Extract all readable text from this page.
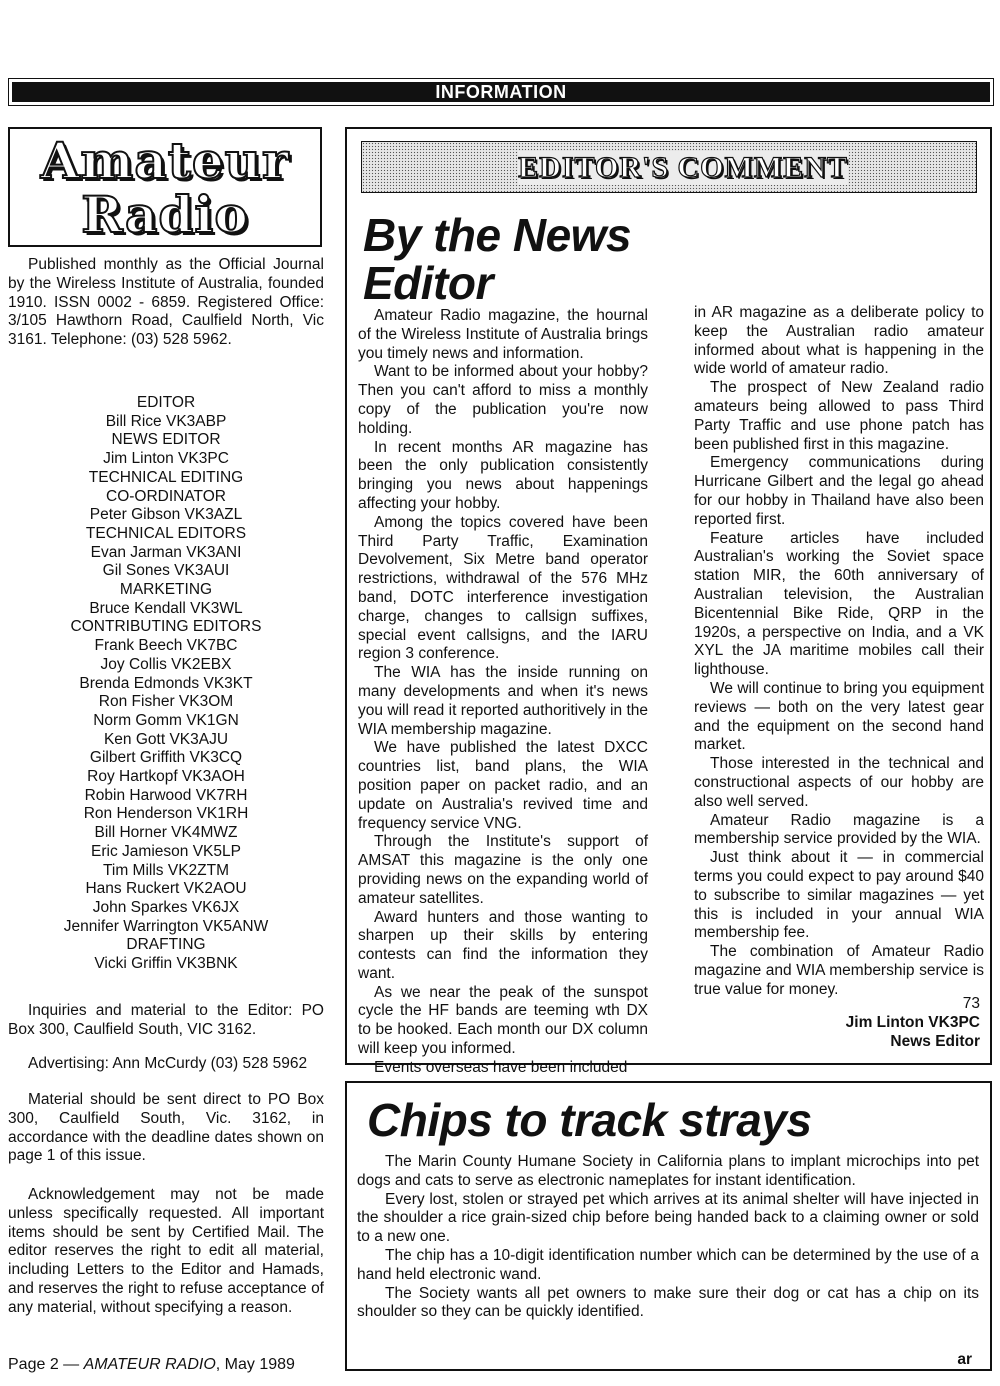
INFORMATION
Amateur
Radio
Published monthly as the Official Journal by the Wireless Institute of Australia, founded 1910. ISSN 0002 - 6859. Registered Office: 3/105 Hawthorn Road, Caulfield North, Vic 3161. Telephone: (03) 528 5962.
EDITOR
Bill Rice VK3ABP
NEWS EDITOR
Jim Linton VK3PC
TECHNICAL EDITING
CO-ORDINATOR
Peter Gibson VK3AZL
TECHNICAL EDITORS
Evan Jarman VK3ANI
Gil Sones VK3AUI
MARKETING
Bruce Kendall VK3WL
CONTRIBUTING EDITORS
Frank Beech VK7BC
Joy Collis VK2EBX
Brenda Edmonds VK3KT
Ron Fisher VK3OM
Norm Gomm VK1GN
Ken Gott VK3AJU
Gilbert Griffith VK3CQ
Roy Hartkopf VK3AOH
Robin Harwood VK7RH
Ron Henderson VK1RH
Bill Horner VK4MWZ
Eric Jamieson VK5LP
Tim Mills VK2ZTM
Hans Ruckert VK2AOU
John Sparkes VK6JX
Jennifer Warrington VK5ANW
DRAFTING
Vicki Griffin VK3BNK
Inquiries and material to the Editor: PO Box 300, Caulfield South, VIC 3162.
Advertising: Ann McCurdy (03) 528 5962
Material should be sent direct to PO Box 300, Caulfield South, Vic. 3162, in accordance with the deadline dates shown on page 1 of this issue.
Acknowledgement may not be made unless specifically requested. All important items should be sent by Certified Mail. The editor reserves the right to edit all material, including Letters to the Editor and Hamads, and reserves the right to refuse acceptance of any material, without specifying a reason.
Page 2 — AMATEUR RADIO, May 1989
EDITOR'S COMMENT
By the News Editor

Amateur Radio magazine, the hournal of the Wireless Institute of Australia brings you timely news and information.

Want to be informed about your hobby? Then you can't afford to miss a monthly copy of the publication you're now holding.

In recent months AR magazine has been the only publication consistently bringing you news about happenings affecting your hobby.

Among the topics covered have been Third Party Traffic, Examination Devolvement, Six Metre band operator restrictions, withdrawal of the 576 MHz band, DOTC interference investigation charge, changes to callsign suffixes, special event callsigns, and the IARU region 3 conference.

The WIA has the inside running on many developments and when it's news you will read it reported authoritively in the WIA membership magazine.

We have published the latest DXCC countries list, band plans, the WIA position paper on packet radio, and an update on Australia's revived time and frequency service VNG.

Through the Institute's support of AMSAT this magazine is the only one providing news on the expanding world of amateur satellites.

Award hunters and those wanting to sharpen up their skills by entering contests can find the information they want.

As we near the peak of the sunspot cycle the HF bands are teeming wth DX to be hooked. Each month our DX column will keep you informed.

Events overseas have been included

in AR magazine as a deliberate policy to keep the Australian radio amateur informed about what is happening in the wide world of amateur radio.

The prospect of New Zealand radio amateurs being allowed to pass Third Party Traffic and use phone patch has been published first in this magazine.

Emergency communications during Hurricane Gilbert and the legal go ahead for our hobby in Thailand have also been reported first.

Feature articles have included Australian's working the Soviet space station MIR, the 60th anniversary of Australian television, the Australian Bicentennial Bike Ride, QRP in the 1920s, a perspective on India, and a VK XYL the JA maritime mobiles call their lighthouse.

We will continue to bring you equipment reviews — both on the very latest gear and the equipment on the second hand market.

Those interested in the technical and constructional aspects of our hobby are also well served.

Amateur Radio magazine is a membership service provided by the WIA.

Just think about it — in commercial terms you could expect to pay around $40 to subscribe to similar magazines — yet this is included in your annual WIA membership fee.

The combination of Amateur Radio magazine and WIA membership service is true value for money.

73
Jim Linton VK3PC
News Editor
Chips to track strays

The Marin County Humane Society in California plans to implant microchips into pet dogs and cats to serve as electronic nameplates for instant identification.

Every lost, stolen or strayed pet which arrives at its animal shelter will have injected in the shoulder a rice grain-sized chip before being handed back to a claiming owner or sold to a new one.

The chip has a 10-digit identification number which can be determined by the use of a hand held electronic wand.

The Society wants all pet owners to make sure their dog or cat has a chip on its shoulder so they can be quickly identified.

ar
